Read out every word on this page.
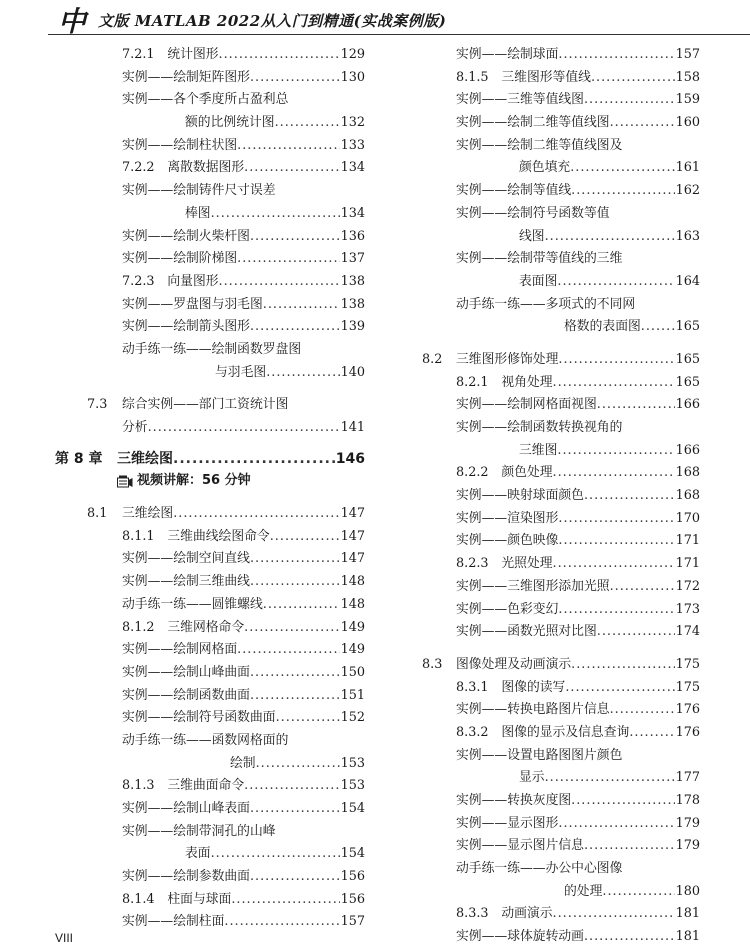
中 文版 MATLAB 2022从入门到精通(实战案例版)
7.2.1　统计图形 .....	129
实例——绘制矩阵图形 .....	130
实例——各个季度所占盈利总
额的比例统计图 .....	132
实例——绘制柱状图 .....	133
7.2.2　离散数据图形 .....	134
实例——绘制铸件尺寸误差
棒图 .....	134
实例——绘制火柴杆图 .....	136
实例——绘制阶梯图 .....	137
7.2.3　向量图形 .....	138
实例——罗盘图与羽毛图 .....	138
实例——绘制箭头图形 .....	139
动手练一练——绘制函数罗盘图
与羽毛图 .....	140
7.3 综合实例——部门工资统计图
分析 .....	141
第 8 章 三维绘图 .....	146
视频讲解：56 分钟
8.1 三维绘图 .....	147
8.1.1　三维曲线绘图命令 .....	147
实例——绘制空间直线 .....	147
实例——绘制三维曲线 .....	148
动手练一练——圆锥螺线 .....	148
8.1.2　三维网格命令 .....	149
实例——绘制网格面 .....	149
实例——绘制山峰曲面 .....	150
实例——绘制函数曲面 .....	151
实例——绘制符号函数曲面 .....	152
动手练一练——函数网格面的
绘制 .....	153
8.1.3　三维曲面命令 .....	153
实例——绘制山峰表面 .....	154
实例——绘制带洞孔的山峰
表面 .....	154
实例——绘制参数曲面 .....	156
8.1.4　柱面与球面 .....	156
实例——绘制柱面 .....	157
实例——绘制球面 .....	157
8.1.5　三维图形等值线 .....	158
实例——三维等值线图 .....	159
实例——绘制二维等值线图 .....	160
实例——绘制二维等值线图及
颜色填充 .....	161
实例——绘制等值线 .....	162
实例——绘制符号函数等值
线图 .....	163
实例——绘制带等值线的三维
表面图 .....	164
动手练一练——多项式的不同网
格数的表面图 .....	165
8.2 三维图形修饰处理 .....	165
8.2.1　视角处理 .....	165
实例——绘制网格面视图 .....	166
实例——绘制函数转换视角的
三维图 .....	166
8.2.2　颜色处理 .....	168
实例——映射球面颜色 .....	168
实例——渲染图形 .....	170
实例——颜色映像 .....	171
8.2.3　光照处理 .....	171
实例——三维图形添加光照 .....	172
实例——色彩变幻 .....	173
实例——函数光照对比图 .....	174
8.3 图像处理及动画演示 .....	175
8.3.1　图像的读写 .....	175
实例——转换电路图片信息 .....	176
8.3.2　图像的显示及信息查询 .....	176
实例——设置电路图图片颜色
显示 .....	177
实例——转换灰度图 .....	178
实例——显示图形 .....	179
实例——显示图片信息 .....	179
动手练一练——办公中心图像
的处理 .....	180
8.3.3　动画演示 .....	181
实例——球体旋转动画 .....	181
VIII
